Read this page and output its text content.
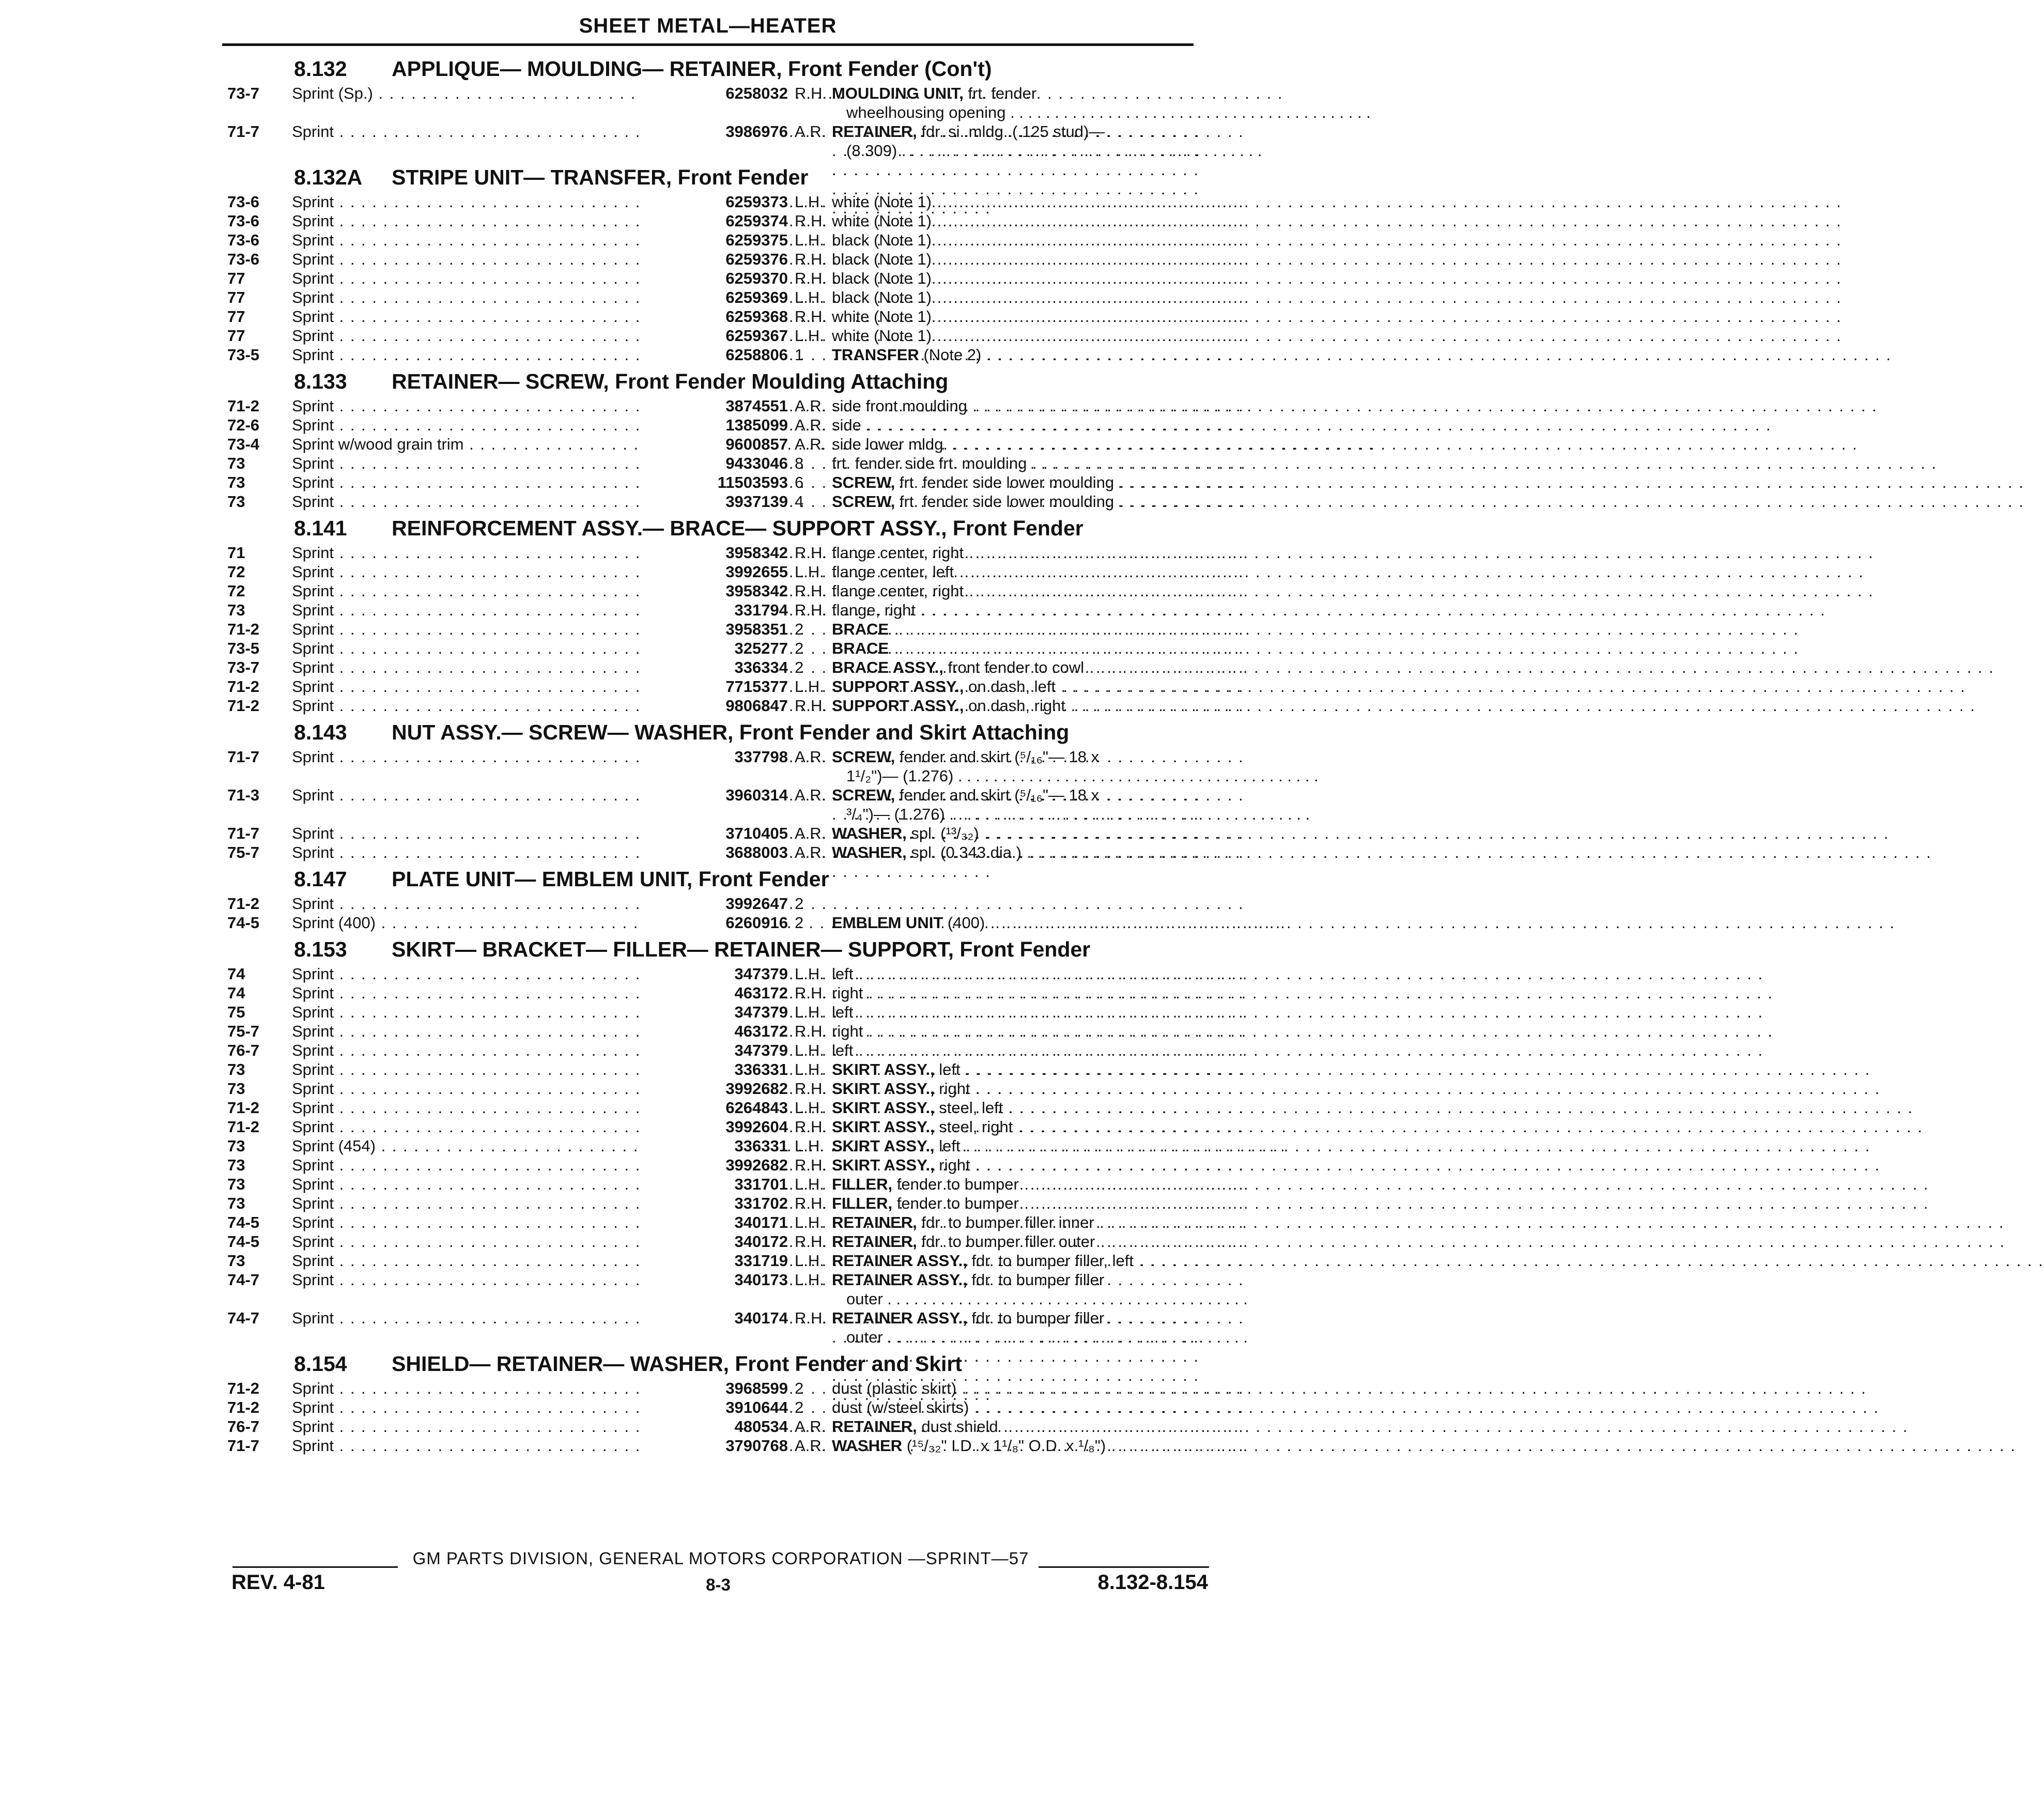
SHEET METAL—HEATER
8.132 APPLIQUE— MOULDING— RETAINER, Front Fender (Con't)
73-7	Sprint (Sp.) . . .	6258032 R.H. MOULDING UNIT, frt. fender
wheelhousing opening . . . . . . . . . . . . . . . . . . . . . . . . . . . . . . . . . . . . . . . . .
. . .
71-7	Sprint . . .	3986976 A.R. RETAINER, fdr. si. mldg. (.125 stud)—
(8.309) . . . . . . . . . . . . . . . . . . . . . . . . . . . . . . . . . . . . . . . . .
. . .
8.132A STRIPE UNIT— TRANSFER, Front Fender
73-6	Sprint . . .	6259373 L.H. white (Note 1) . . .
73-6	Sprint . . .	6259374 R.H. white (Note 1) . . .
73-6	Sprint . . .	6259375 L.H. black (Note 1) . . .
73-6	Sprint . . .	6259376 R.H. black (Note 1) . . .
77	Sprint . . .	6259370 R.H. black (Note 1) . . .
77	Sprint . . .	6259369 L.H. black (Note 1) . . .
77	Sprint . . .	6259368 R.H. white (Note 1) . . .
77	Sprint . . .	6259367 L.H. white (Note 1) . . .
73-5	Sprint . . .	6258806 1	TRANSFER (Note 2) . . .
8.133 RETAINER— SCREW, Front Fender Moulding Attaching
71-2	Sprint . . .	3874551 A.R. side front moulding . . .
72-6	Sprint . . .	1385099 A.R. side . . .
73-4	Sprint w/wood grain trim . . .	9600857 A.R. side lower mldg. . . .
73	Sprint . . .	9433046 8	frt. fender side frt. moulding . . .
73	Sprint . . .	11503593 6	SCREW, frt. fender side lower moulding . . .
73	Sprint . . .	3937139 4	SCREW, frt. fender side lower moulding . . .
8.141 REINFORCEMENT ASSY.— BRACE— SUPPORT ASSY., Front Fender
71	Sprint . . .	3958342 R.H. flange center, right . . .
72	Sprint . . .	3992655 L.H. flange center, left . . .
72	Sprint . . .	3958342 R.H. flange center, right . . .
73	Sprint . . .	331794 R.H. flange, right . . .
71-2	Sprint . . .	3958351 2	BRACE . . .
73-5	Sprint . . .	325277 2	BRACE . . .
73-7	Sprint . . .	336334 2	BRACE ASSY., front fender to cowl . . .
71-2	Sprint . . .	7715377 L.H. SUPPORT ASSY., on dash, left . . .
71-2	Sprint . . .	9806847 R.H. SUPPORT ASSY., on dash, right . . .
8.143 NUT ASSY.— SCREW— WASHER, Front Fender and Skirt Attaching
71-7	Sprint . . .	337798 A.R. SCREW, fender and skirt (⁵/₁₆"— 18 x
1¹/₂")— (1.276) . . . . . . . . . . . . . . . . . . . . . . . . . . . . . . . . . . . . . . . . .
. . .
71-3	Sprint . . .	3960314 A.R. SCREW, fender and skirt (⁵/₁₆"— 18 x
³/₄")— (1.276) . . . . . . . . . . . . . . . . . . . . . . . . . . . . . . . . . . . . . . . . .
. . .
71-7	Sprint . . .	3710405 A.R. WASHER, spl. (¹³/₃₂) . . .
75-7	Sprint . . .	3688003 A.R. WASHER, spl. (0.343 dia.) . . .
8.147 PLATE UNIT— EMBLEM UNIT, Front Fender
71-2	Sprint . . .	3992647 2
74-5	Sprint (400) . . .	6260916 2	EMBLEM UNIT (400) . . .
8.153 SKIRT— BRACKET— FILLER— RETAINER— SUPPORT, Front Fender
74	Sprint . . .	347379 L.H. left . . .
74	Sprint . . .	463172 R.H. right . . .
75	Sprint . . .	347379 L.H. left . . .
75-7	Sprint . . .	463172 R.H. right . . .
76-7	Sprint . . .	347379 L.H. left . . .
73	Sprint . . .	336331 L.H. SKIRT ASSY., left . . .
73	Sprint . . .	3992682 R.H. SKIRT ASSY., right . . .
71-2	Sprint . . .	6264843 L.H. SKIRT ASSY., steel, left . . .
71-2	Sprint . . .	3992604 R.H. SKIRT ASSY., steel, right . . .
73	Sprint (454) . . .	336331 L.H. SKIRT ASSY., left . . .
73	Sprint . . .	3992682 R.H. SKIRT ASSY., right . . .
73	Sprint . . .	331701 L.H. FILLER, fender to bumper . . .
73	Sprint . . .	331702 R.H. FILLER, fender to bumper . . .
74-5	Sprint . . .	340171 L.H. RETAINER, fdr. to bumper filler inner . . .
74-5	Sprint . . .	340172 R.H. RETAINER, fdr. to bumper filler outer . . .
73	Sprint . . .	331719 L.H. RETAINER ASSY., fdr. to bumper filler, left . . .
74-7	Sprint . . .	340173 L.H. RETAINER ASSY., fdr. to bumper filler
outer . . . . . . . . . . . . . . . . . . . . . . . . . . . . . . . . . . . . . . . . .
. . .
74-7	Sprint . . .	340174 R.H. RETAINER ASSY., fdr. to bumper filler
outer . . . . . . . . . . . . . . . . . . . . . . . . . . . . . . . . . . . . . . . . .
. . .
8.154 SHIELD— RETAINER— WASHER, Front Fender and Skirt
71-2	Sprint . . .	3968599 2	dust (plastic skirt) . . .
71-2	Sprint . . .	3910644 2	dust (w/steel skirts) . . .
76-7	Sprint . . .	480534 A.R. RETAINER, dust shield . . .
71-7	Sprint . . .	3790768 A.R. WASHER (¹⁵/₃₂" I.D. x 1¹/₈" O.D. x ¹/₈") . . .
GM PARTS DIVISION, GENERAL MOTORS CORPORATION —SPRINT—57
REV. 4-81	8-3	8.132-8.154
